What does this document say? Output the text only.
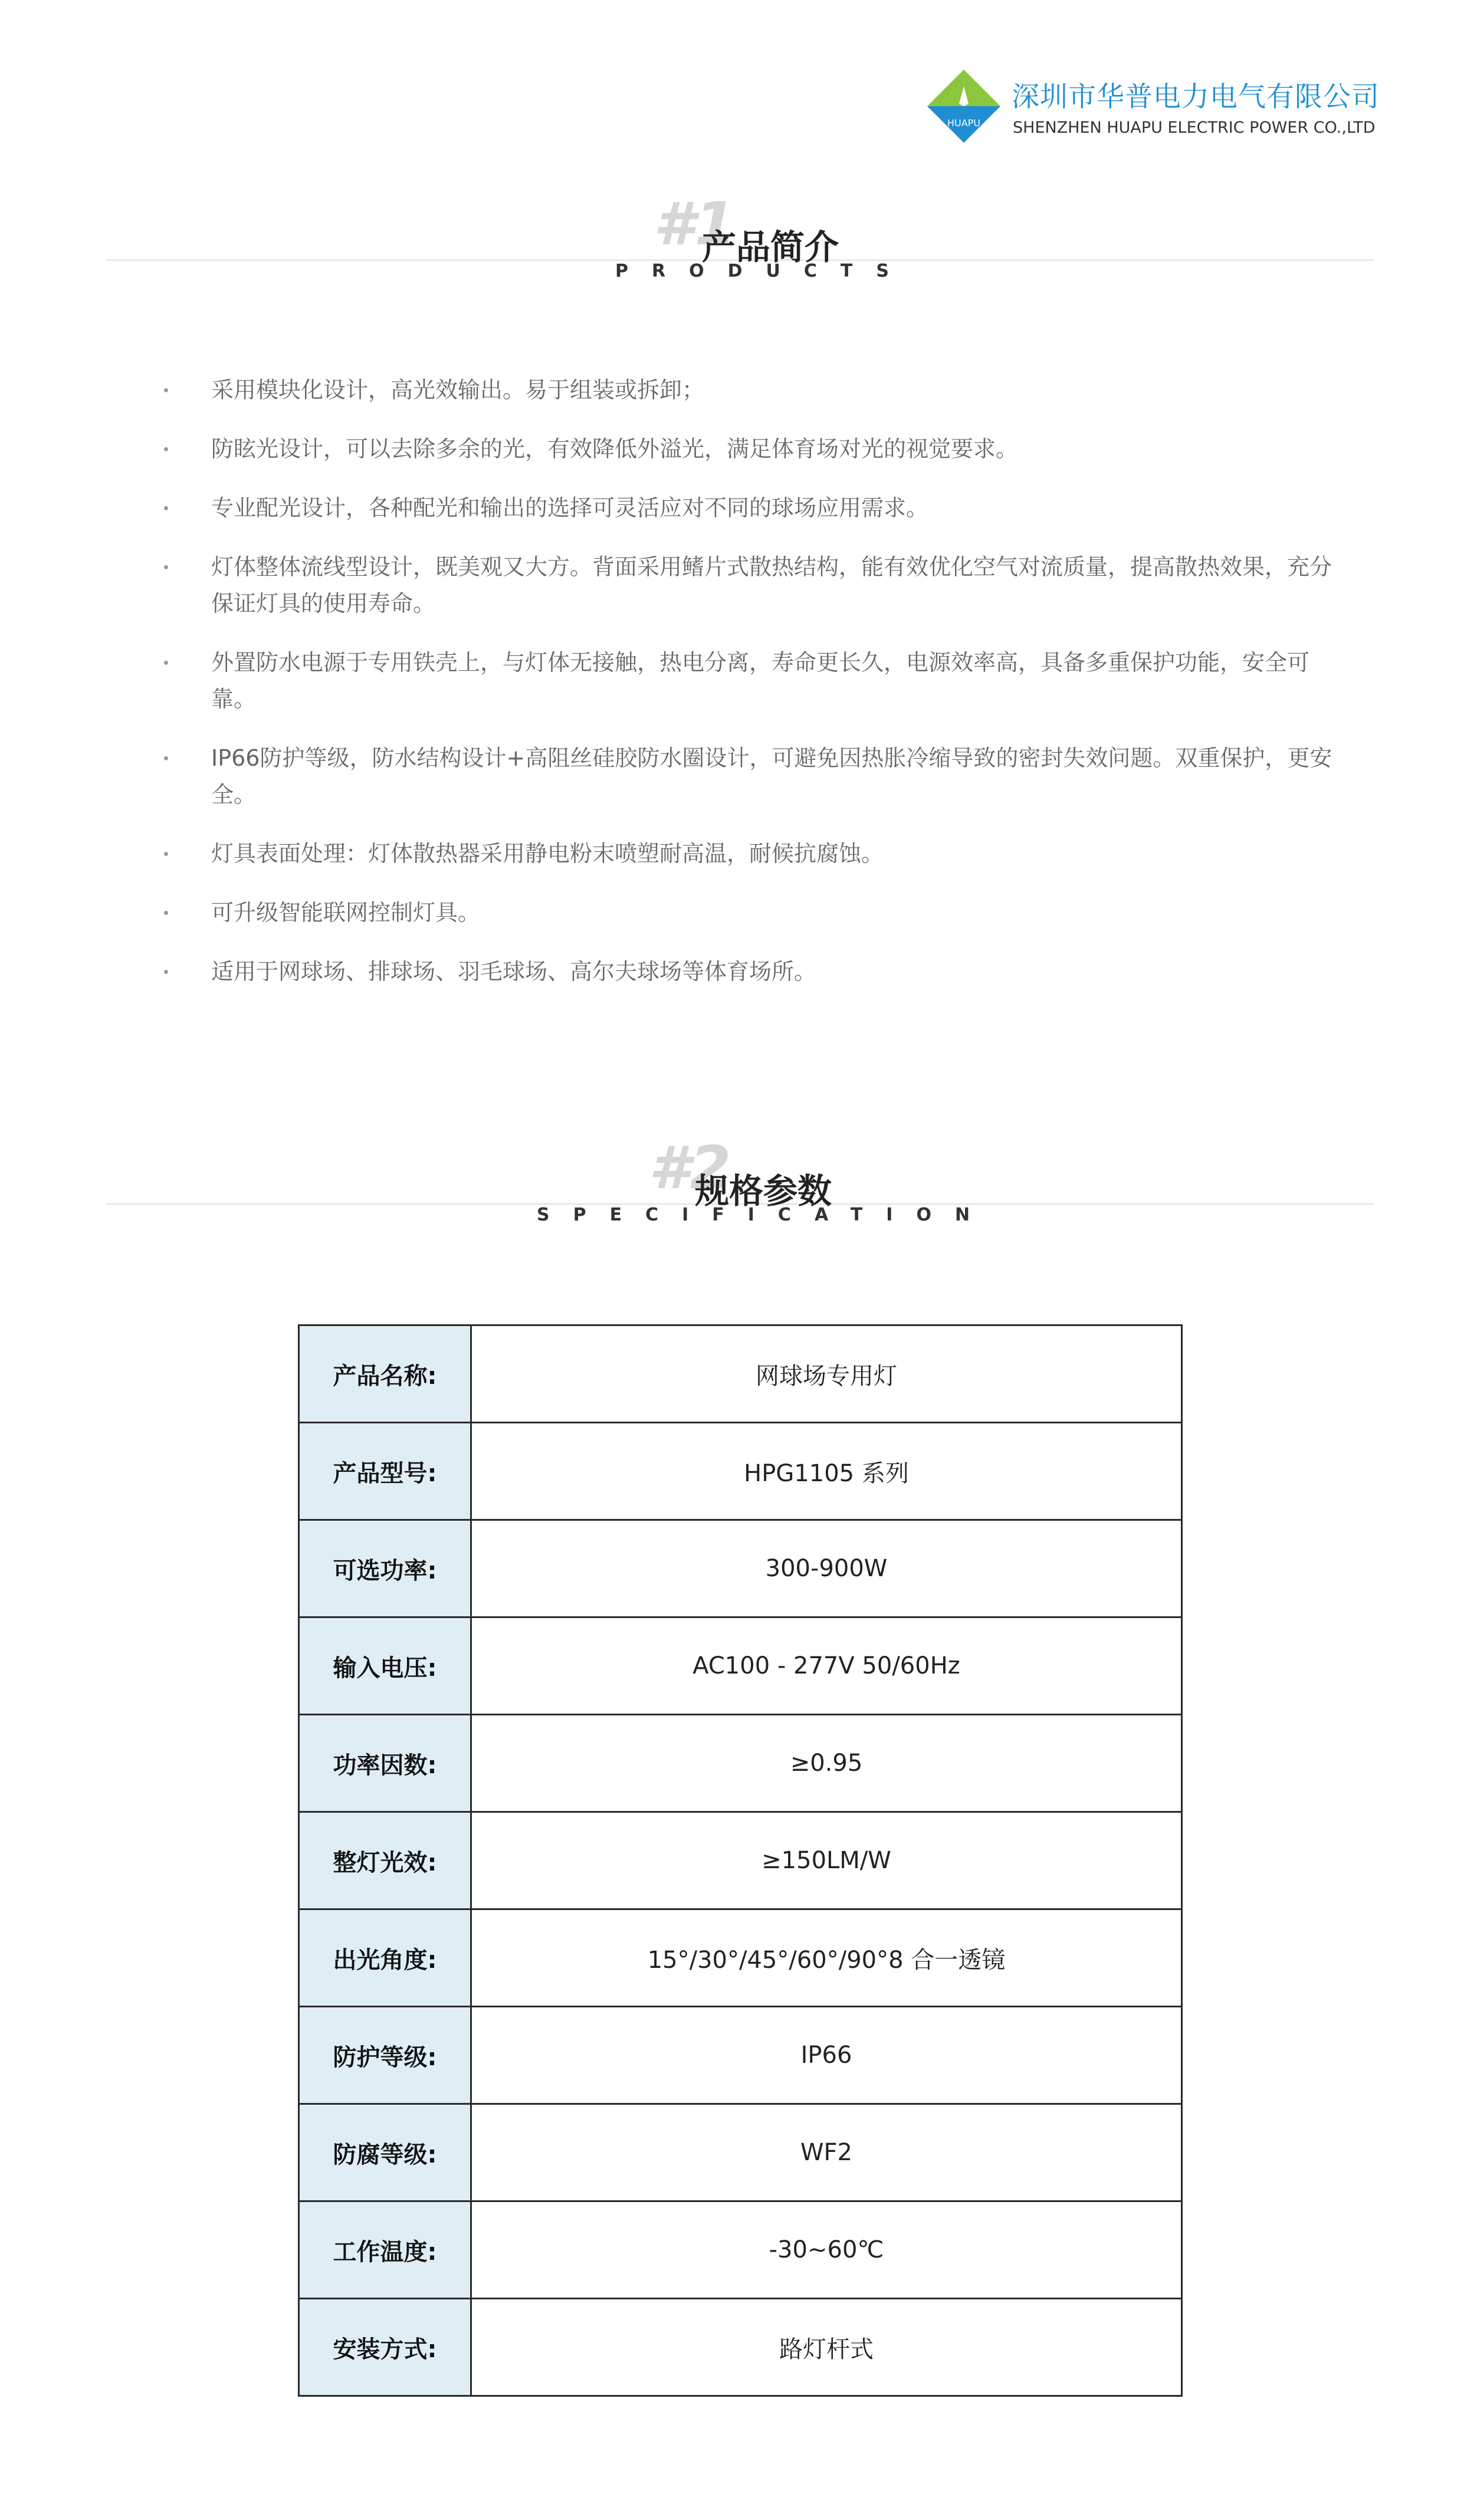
HUAPU
深圳市华普电力电气有限公司
SHENZHEN HUAPU ELECTRIC POWER CO.,LTD
#1
产品简介
PRODUCTS
采用模块化设计，高光效输出。易于组装或拆卸；
防眩光设计，可以去除多余的光，有效降低外溢光，满足体育场对光的视觉要求。
专业配光设计，各种配光和输出的选择可灵活应对不同的球场应用需求。
灯体整体流线型设计，既美观又大方。背面采用鳍片式散热结构，能有效优化空气对流质量，提高散热效果，充分保证灯具的使用寿命。
外置防水电源于专用铁壳上，与灯体无接触，热电分离，寿命更长久，电源效率高，具备多重保护功能，安全可靠。
IP66防护等级，防水结构设计+高阻丝硅胶防水圈设计，可避免因热胀冷缩导致的密封失效问题。双重保护，更安全。
灯具表面处理：灯体散热器采用静电粉末喷塑耐高温，耐候抗腐蚀。
可升级智能联网控制灯具。
适用于网球场、排球场、羽毛球场、高尔夫球场等体育场所。
#2
规格参数
SPECIFICATION
产品名称:	网球场专用灯
产品型号:	HPG1105 系列
可选功率:	300-900W
输入电压:	AC100 - 277V 50/60Hz
功率因数:	≥0.95
整灯光效:	≥150LM/W
出光角度:	15°/30°/45°/60°/90°8 合一透镜
防护等级:	IP66
防腐等级:	WF2
工作温度:	-30~60℃
安装方式:	路灯杆式
